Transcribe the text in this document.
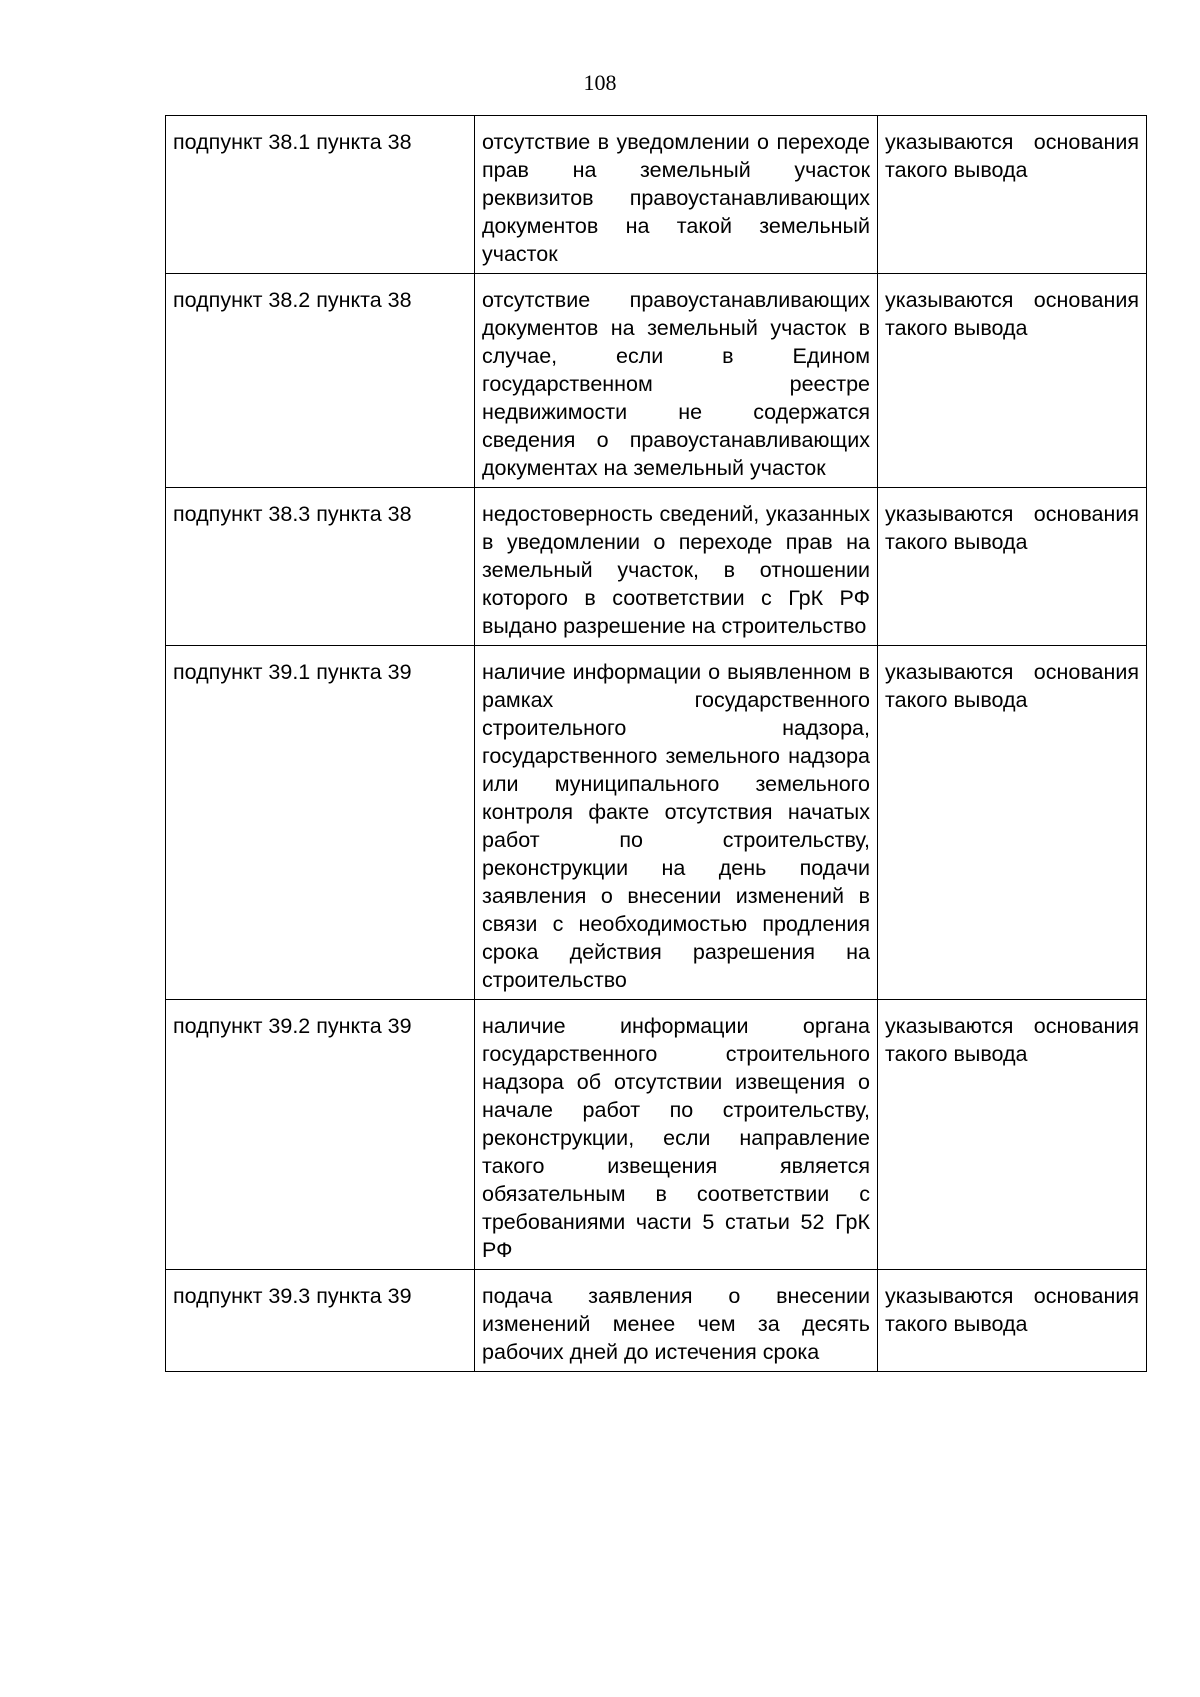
108
подпункт 38.1 пункта 38	отсутствие в уведомлении о переходе прав на земельный участок реквизитов правоустанавливающих документов на такой земельный участок	указываются основания такого вывода
подпункт 38.2 пункта 38	отсутствие правоустанавливающих документов на земельный участок в случае, если в Едином государственном реестре недвижимости не содержатся сведения о правоустанавливающих документах на земельный участок	указываются основания такого вывода
подпункт 38.3 пункта 38	недостоверность сведений, указанных в уведомлении о переходе прав на земельный участок, в отношении которого в соответствии с ГрК РФ выдано разрешение на строительство	указываются основания такого вывода
подпункт 39.1 пункта 39	наличие информации о выявленном в рамках государственного строительного надзора, государственного земельного надзора или муниципального земельного контроля факте отсутствия начатых работ по строительству, реконструкции на день подачи заявления о внесении изменений в связи с необходимостью продления срока действия разрешения на строительство	указываются основания такого вывода
подпункт 39.2 пункта 39	наличие информации органа государственного строительного надзора об отсутствии извещения о начале работ по строительству, реконструкции, если направление такого извещения является обязательным в соответствии с требованиями части 5 статьи 52 ГрК РФ	указываются основания такого вывода
подпункт 39.3 пункта 39	подача заявления о внесении изменений менее чем за десять рабочих дней до истечения срока	указываются основания такого вывода
